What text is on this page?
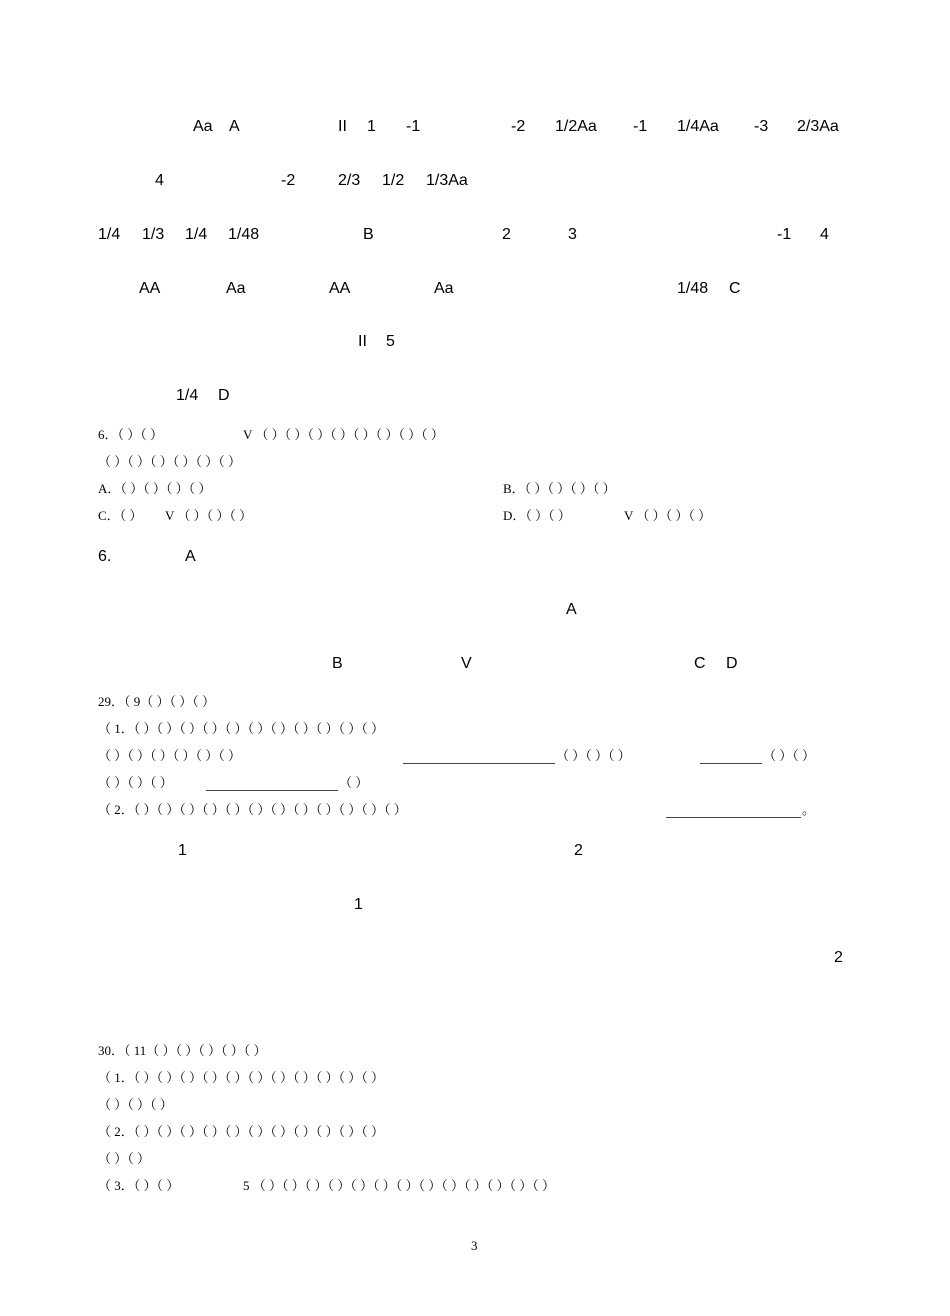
Aa A	II 1 -1	-2 1/2Aa -1 1/4Aa -3 2/3Aa
4	-2	2/3 1/2 1/3Aa
1/4 1/3 1/4 1/48	B	2	3	-1 4
AA	Aa	AA	Aa	1/48 C
II 5
1/4 D
6．（ ）（ ）	V （ ）（ ）（ ）（ ）（ ）（ ）（ ）（ ）
（ ）（ ）（ ）（ ）（ ）（ ）
A．（ ）（ ）（ ）（ ）	B．（ ）（ ）（ ）（ ）
C．（ ） V （ ）（ ）（ ）	D．（ ）（ ）	V （ ）（ ）（ ）
6.	A
A
B	V	C D
29．（ 9（ ）（ ）（ ）
（ 1．（ ）（ ）（ ）（ ）（ ）（ ）（ ）（ ）（ ）（ ）（ ）
（ ）（ ）（ ）（ ）（ ）（ ）	（ ）（ ）（ ）	（ ）（ ）
（ ）（ ）（ ）	（ ）
（ 2．（ ）（ ）（ ）（ ）（ ）（ ）（ ）（ ）（ ）（ ）（ ）（ ）	。
1	2
1
2
30．（ 11（ ）（ ）（ ）（ ）（ ）
（ 1．（ ）（ ）（ ）（ ）（ ）（ ）（ ）（ ）（ ）（ ）（ ）
（ ）（ ）（ ）
（ 2．（ ）（ ）（ ）（ ）（ ）（ ）（ ）（ ）（ ）（ ）（ ）
（ ）（ ）
（ 3．（ ）（ ）	5 （ ）（ ）（ ）（ ）（ ）（ ）（ ）（ ）（ ）（ ）（ ）（ ）（ ）
3
